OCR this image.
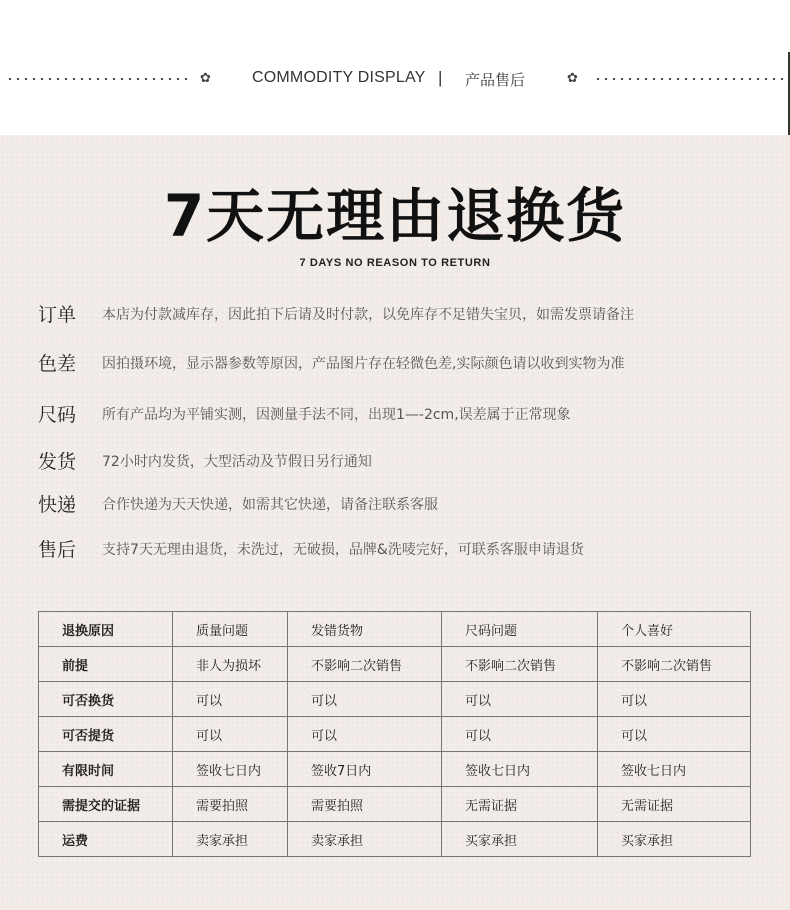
✿	COMMODITY DISPLAY | 产品售后	✿
7天无理由退换货
7 DAYS NO REASON TO RETURN
订单 本店为付款减库存，因此拍下后请及时付款，以免库存不足错失宝贝，如需发票请备注
色差 因拍摄环境，显示器参数等原因，产品图片存在轻微色差,实际颜色请以收到实物为准
尺码 所有产品均为平铺实测，因测量手法不同，出现1—-2cm,误差属于正常现象
发货 72小时内发货，大型活动及节假日另行通知
快递 合作快递为天天快递，如需其它快递，请备注联系客服
售后 支持7天无理由退货，未洗过，无破损，品牌&洗唛完好，可联系客服申请退货
退换原因	质量问题	发错货物	尺码问题	个人喜好
前提	非人为损坏	不影响二次销售	不影响二次销售	不影响二次销售
可否换货	可以	可以	可以	可以
可否提货	可以	可以	可以	可以
有限时间	签收七日内	签收7日内	签收七日内	签收七日内
需提交的证据	需要拍照	需要拍照	无需证据	无需证据
运费	卖家承担	卖家承担	买家承担	买家承担
